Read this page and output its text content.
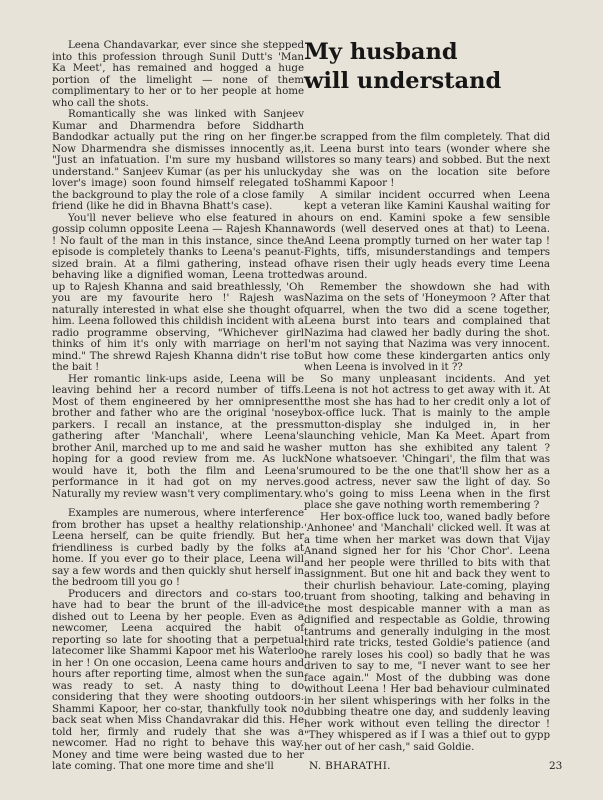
My husband
will understand

Leena Chandavarkar, ever since she stepped into this profession through Sunil Dutt's 'Man Ka Meet', has remained and hogged a huge portion of the limelight — none of them complimentary to her or to her people at home who call the shots.

Romantically she was linked with Sanjeev Kumar and Dharmendra before Siddharth Bandodkar actually put the ring on her finger. Now Dharmendra she dismisses innocently as, "Just an infatuation. I'm sure my husband will understand." Sanjeev Kumar (as per his unlucky lover's image) soon found himself relegated to the background to play the role of a close family friend (like he did in Bhavna Bhatt's case).

You'll never believe who else featured in a gossip column opposite Leena — Rajesh Khanna ! No fault of the man in this instance, since the episode is completely thanks to Leena's peanut-sized brain. At a filmi gathering, instead of behaving like a dignified woman, Leena trotted up to Rajesh Khanna and said breathlessly, 'Oh you are my favourite hero !' Rajesh was naturally interested in what else she thought of him. Leena followed this childish incident with a radio programme observing, "Whichever girl thinks of him it's only with marriage on her mind." The shrewd Rajesh Khanna didn't rise to the bait !

Her romantic link-ups aside, Leena will be leaving behind her a record number of tiffs. Most of them engineered by her omnipresent brother and father who are the original 'nosey parkers. I recall an instance, at the press gathering after 'Manchali', where Leena's brother Anil, marched up to me and said he was hoping for a good review from me. As luck would have it, both the film and Leena's performance in it had got on my nerves. Naturally my review wasn't very complimentary.

Examples are numerous, where interference from brother has upset a healthy relationship. Leena herself, can be quite friendly. But her friendliness is curbed badly by the folks at home. If you ever go to their place, Leena will say a few words and then quickly shut herself in the bedroom till you go !

Producers and directors and co-stars too, have had to bear the brunt of the ill-advice dished out to Leena by her people. Even as a newcomer, Leena acquired the habit of reporting so late for shooting that a perpetual latecomer like Shammi Kapoor met his Waterloo in her ! On one occasion, Leena came hours and hours after reporting time, almost when the sun was ready to set. A nasty thing to do considering that they were shooting outdoors. Shammi Kapoor, her co-star, thankfully took no back seat when Miss Chandavrakar did this. He told her, firmly and rudely that she was a newcomer. Had no right to behave this way. Money and time were being wasted due to her late coming. That one more time and she'll

be scrapped from the film completely. That did it. Leena burst into tears (wonder where she stores so many tears) and sobbed. But the next day she was on the location site before Shammi Kapoor !

A similar incident occurred when Leena kept a veteran like Kamini Kaushal waiting for hours on end. Kamini spoke a few sensible words (well deserved ones at that) to Leena. And Leena promptly turned on her water tap ! Fights, tiffs, misunderstandings and tempers have risen their ugly heads every time Leena was around.

Remember the showdown she had with Nazima on the sets of 'Honeymoon ? After that quarrel, when the two did a scene together, Leena burst into tears and complained that Nazima had clawed her badly during the shot. I'm not saying that Nazima was very innocent. But how come these kindergarten antics only when Leena is involved in it ??

So many unpleasant incidents. And yet Leena is not hot actress to get away with it. At the most she has had to her credit only a lot of box-office luck. That is mainly to the ample mutton-display she indulged in, in her launching vehicle, Man Ka Meet. Apart from her mutton has she exhibited any talent ? None whatsoever. 'Chingari', the film that was rumoured to be the one that'll show her as a good actress, never saw the light of day. So who's going to miss Leena when in the first place she gave nothing worth remembering ?

Her box-office luck too, waned badly before 'Anhonee' and 'Manchali' clicked well. It was at a time when her market was down that Vijay Anand signed her for his 'Chor Chor'. Leena and her people were thrilled to bits with that assignment. But one hit and back they went to their churlish behaviour. Late-coming, playing truant from shooting, talking and behaving in the most despicable manner with a man as dignified and respectable as Goldie, throwing tantrums and generally indulging in the most third rate tricks, tested Goldie's patience (and he rarely loses his cool) so badly that he was driven to say to me, "I never want to see her face again." Most of the dubbing was done without Leena ! Her bad behaviour culminated in her silent whisperings with her folks in the dubbing theatre one day, and suddenly leaving her work without even telling the director ! "They whispered as if I was a thief out to gypp her out of her cash," said Goldie.

N. BHARATHI.	23
